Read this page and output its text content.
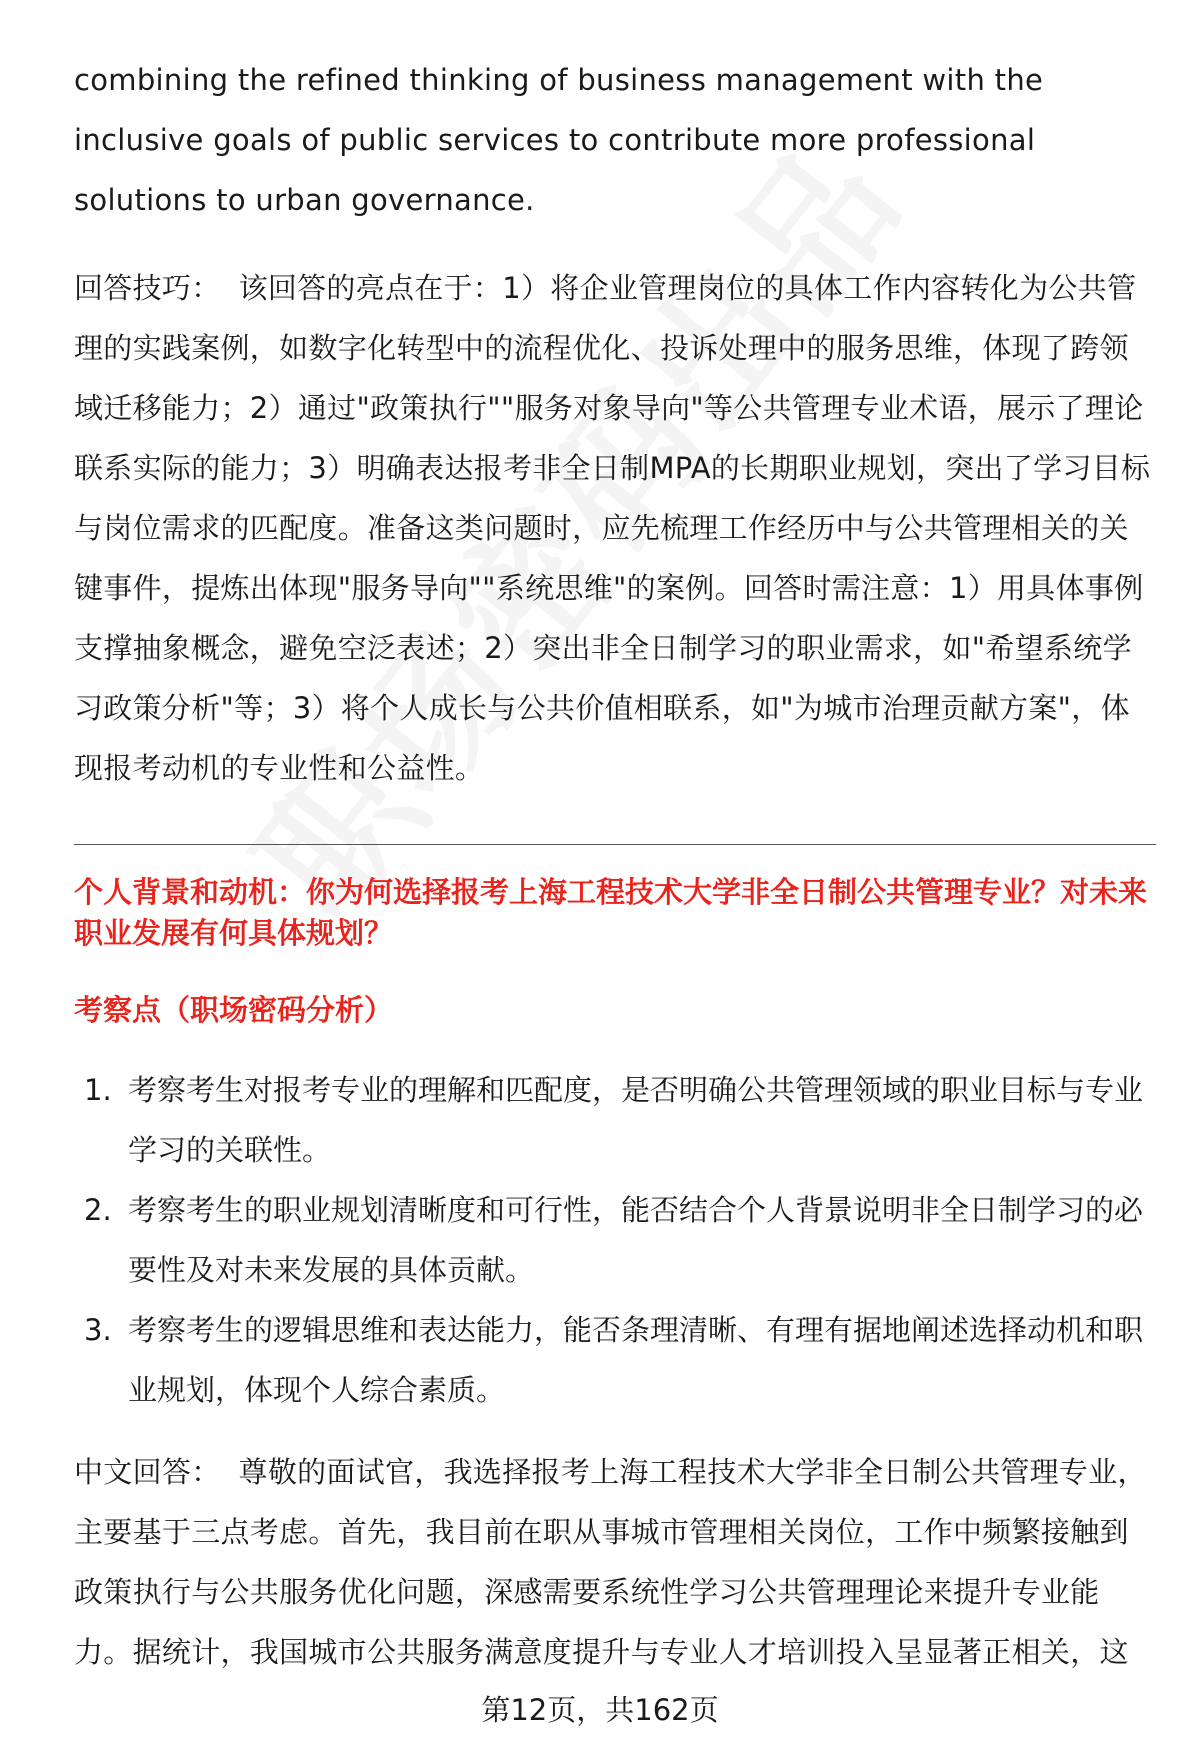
combining the refined thinking of business management with the inclusive goals of public services to contribute more professional solutions to urban governance.

回答技巧： 该回答的亮点在于：1）将企业管理岗位的具体工作内容转化为公共管理的实践案例，如数字化转型中的流程优化、投诉处理中的服务思维，体现了跨领域迁移能力；2）通过"政策执行""服务对象导向"等公共管理专业术语，展示了理论联系实际的能力；3）明确表达报考非全日制MPA的长期职业规划，突出了学习目标与岗位需求的匹配度。准备这类问题时，应先梳理工作经历中与公共管理相关的关键事件，提炼出体现"服务导向""系统思维"的案例。回答时需注意：1）用具体事例支撑抽象概念，避免空泛表述；2）突出非全日制学习的职业需求，如"希望系统学习政策分析"等；3）将个人成长与公共价值相联系，如"为城市治理贡献方案"，体现报考动机的专业性和公益性。

个人背景和动机：你为何选择报考上海工程技术大学非全日制公共管理专业？对未来职业发展有何具体规划？

考察点（职场密码分析）

1. 考察考生对报考专业的理解和匹配度，是否明确公共管理领域的职业目标与专业学习的关联性。
2. 考察考生的职业规划清晰度和可行性，能否结合个人背景说明非全日制学习的必要性及对未来发展的具体贡献。
3. 考察考生的逻辑思维和表达能力，能否条理清晰、有理有据地阐述选择动机和职业规划，体现个人综合素质。

中文回答： 尊敬的面试官，我选择报考上海工程技术大学非全日制公共管理专业，主要基于三点考虑。首先，我目前在职从事城市管理相关岗位，工作中频繁接触到政策执行与公共服务优化问题，深感需要系统性学习公共管理理论来提升专业能力。据统计，我国城市公共服务满意度提升与专业人才培训投入呈显著正相关，这

第12页，共162页
